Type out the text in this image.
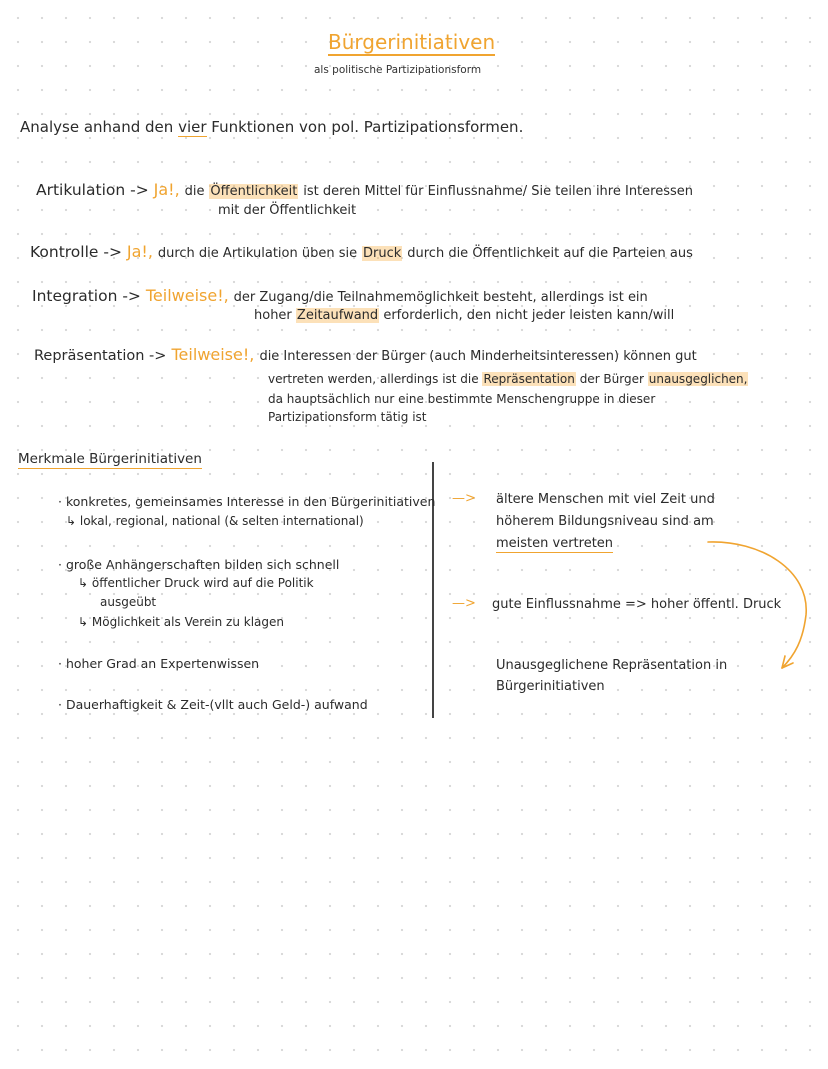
Bürgerinitiativen
als politische Partizipationsform
Analyse anhand den vier Funktionen von pol. Partizipationsformen.
Artikulation -> Ja!, die Öffentlichkeit ist deren Mittel für Einflussnahme/ Sie teilen ihre Interessen
mit der Öffentlichkeit
Kontrolle -> Ja!, durch die Artikulation üben sie Druck durch die Öffentlichkeit auf die Parteien aus
Integration -> Teilweise!, der Zugang/die Teilnahmemöglichkeit besteht, allerdings ist ein
hoher Zeitaufwand erforderlich, den nicht jeder leisten kann/will
Repräsentation -> Teilweise!, die Interessen der Bürger (auch Minderheitsinteressen) können gut
vertreten werden, allerdings ist die Repräsentation der Bürger unausgeglichen,
da hauptsächlich nur eine bestimmte Menschengruppe in dieser
Partizipationsform tätig ist
Merkmale Bürgerinitiativen
· konkretes, gemeinsames Interesse in den Bürgerinitiativen
↳ lokal, regional, national (& selten international)
· große Anhängerschaften bilden sich schnell
↳ öffentlicher Druck wird auf die Politik
ausgeübt
↳ Möglichkeit als Verein zu klagen
· hoher Grad an Expertenwissen
· Dauerhaftigkeit & Zeit-(vllt auch Geld-) aufwand
—> ältere Menschen mit viel Zeit und
höherem Bildungsniveau sind am
meisten vertreten
—> gute Einflussnahme => hoher öffentl. Druck
Unausgeglichene Repräsentation in
Bürgerinitiativen
